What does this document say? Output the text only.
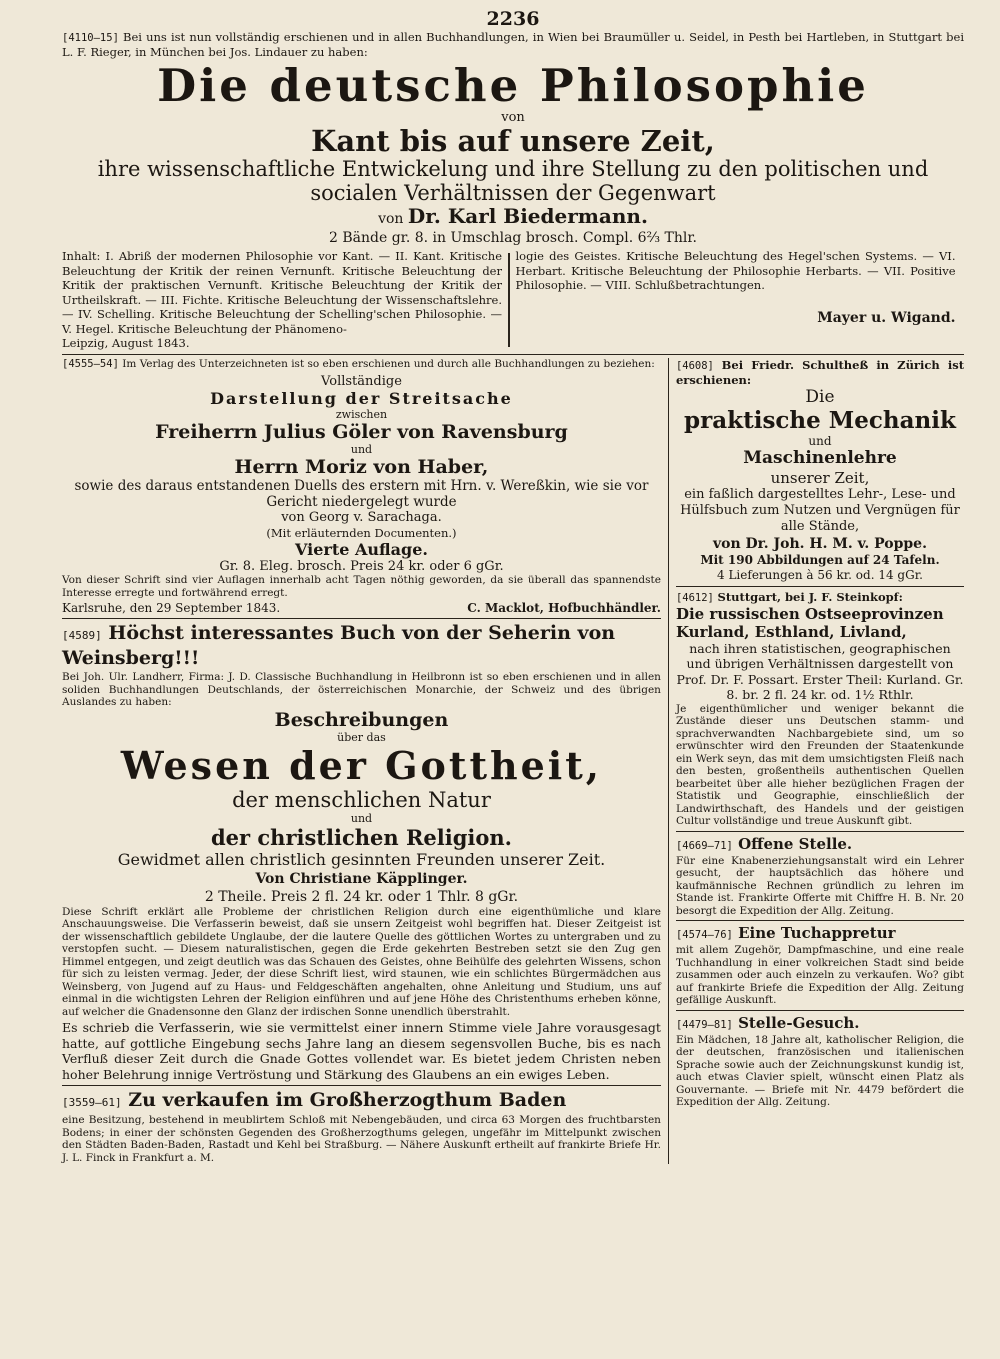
2236

[4110—15] Bei uns ist nun vollständig erschienen und in allen Buchhandlungen, in Wien bei Braumüller u. Seidel, in Pesth bei Hartleben, in Stuttgart bei L. F. Rieger, in München bei Jos. Lindauer zu haben:

Die deutsche Philosophie

von

Kant bis auf unsere Zeit,

ihre wissenschaftliche Entwickelung und ihre Stellung zu den politischen und socialen Verhältnissen der Gegenwart

von Dr. Karl Biedermann.

2 Bände gr. 8. in Umschlag brosch. Compl. 6⅔ Thlr.

Inhalt: I. Abriß der modernen Philosophie vor Kant. — II. Kant. Kritische Beleuchtung der Kritik der reinen Vernunft. Kritische Beleuchtung der Kritik der praktischen Vernunft. Kritische Beleuchtung der Kritik der Urtheilskraft. — III. Fichte. Kritische Beleuchtung der Wissenschaftslehre. — IV. Schelling. Kritische Beleuchtung der Schelling'schen Philosophie. — V. Hegel. Kritische Beleuchtung der Phänomeno-

Leipzig, August 1843.

logie des Geistes. Kritische Beleuchtung des Hegel'schen Systems. — VI. Herbart. Kritische Beleuchtung der Philosophie Herbarts. — VII. Positive Philosophie. — VIII. Schlußbetrachtungen.

Mayer u. Wigand.

[4555—54] Im Verlag des Unterzeichneten ist so eben erschienen und durch alle Buchhandlungen zu beziehen:

Vollständige

Darstellung der Streitsache

zwischen

Freiherrn Julius Göler von Ravensburg

und

Herrn Moriz von Haber,

sowie des daraus entstandenen Duells des erstern mit Hrn. v. Wereßkin, wie sie vor Gericht niedergelegt wurde

von Georg v. Sarachaga.

(Mit erläuternden Documenten.)

Vierte Auflage.

Gr. 8. Eleg. brosch. Preis 24 kr. oder 6 gGr.

Von dieser Schrift sind vier Auflagen innerhalb acht Tagen nöthig geworden, da sie überall das spannendste Interesse erregte und fortwährend erregt.

Karlsruhe, den 29 September 1843.	C. Macklot, Hofbuchhändler.

[4589] Höchst interessantes Buch von der Seherin von Weinsberg!!!

Bei Joh. Ulr. Landherr, Firma: J. D. Classische Buchhandlung in Heilbronn ist so eben erschienen und in allen soliden Buchhandlungen Deutschlands, der österreichischen Monarchie, der Schweiz und des übrigen Auslandes zu haben:

Beschreibungen

über das

Wesen der Gottheit,

der menschlichen Natur

und

der christlichen Religion.

Gewidmet allen christlich gesinnten Freunden unserer Zeit.

Von Christiane Käpplinger.

2 Theile. Preis 2 fl. 24 kr. oder 1 Thlr. 8 gGr.

Diese Schrift erklärt alle Probleme der christlichen Religion durch eine eigenthümliche und klare Anschauungsweise. Die Verfasserin beweist, daß sie unsern Zeitgeist wohl begriffen hat. Dieser Zeitgeist ist der wissenschaftlich gebildete Unglaube, der die lautere Quelle des göttlichen Wortes zu untergraben und zu verstopfen sucht. — Diesem naturalistischen, gegen die Erde gekehrten Bestreben setzt sie den Zug gen Himmel entgegen, und zeigt deutlich was das Schauen des Geistes, ohne Beihülfe des gelehrten Wissens, schon für sich zu leisten vermag. Jeder, der diese Schrift liest, wird staunen, wie ein schlichtes Bürgermädchen aus Weinsberg, von Jugend auf zu Haus- und Feldgeschäften angehalten, ohne Anleitung und Studium, uns auf einmal in die wichtigsten Lehren der Religion einführen und auf jene Höhe des Christenthums erheben könne, auf welcher die Gnadensonne den Glanz der irdischen Sonne unendlich überstrahlt.

Es schrieb die Verfasserin, wie sie vermittelst einer innern Stimme viele Jahre vorausgesagt hatte, auf gottliche Eingebung sechs Jahre lang an diesem segensvollen Buche, bis es nach Verfluß dieser Zeit durch die Gnade Gottes vollendet war. Es bietet jedem Christen neben hoher Belehrung innige Vertröstung und Stärkung des Glaubens an ein ewiges Leben.

[3559—61] Zu verkaufen im Großherzogthum Baden

eine Besitzung, bestehend in meublirtem Schloß mit Nebengebäuden, und circa 63 Morgen des fruchtbarsten Bodens; in einer der schönsten Gegenden des Großherzogthums gelegen, ungefähr im Mittelpunkt zwischen den Städten Baden-Baden, Rastadt und Kehl bei Straßburg. — Nähere Auskunft ertheilt auf frankirte Briefe Hr. J. L. Finck in Frankfurt a. M.

[4608] Bei Friedr. Schultheß in Zürich ist erschienen:

Die

praktische Mechanik

und

Maschinenlehre

unserer Zeit,

ein faßlich dargestelltes Lehr-, Lese- und Hülfsbuch zum Nutzen und Vergnügen für alle Stände,

von Dr. Joh. H. M. v. Poppe.

Mit 190 Abbildungen auf 24 Tafeln.

4 Lieferungen à 56 kr. od. 14 gGr.

[4612] Stuttgart, bei J. F. Steinkopf:

Die russischen Ostseeprovinzen Kurland, Esthland, Livland,

nach ihren statistischen, geographischen und übrigen Verhältnissen dargestellt von Prof. Dr. F. Possart. Erster Theil: Kurland. Gr. 8. br. 2 fl. 24 kr. od. 1½ Rthlr.

Je eigenthümlicher und weniger bekannt die Zustände dieser uns Deutschen stamm- und sprachverwandten Nachbargebiete sind, um so erwünschter wird den Freunden der Staatenkunde ein Werk seyn, das mit dem umsichtigsten Fleiß nach den besten, großentheils authentischen Quellen bearbeitet über alle hieher bezüglichen Fragen der Statistik und Geographie, einschließlich der Landwirthschaft, des Handels und der geistigen Cultur vollständige und treue Auskunft gibt.

[4669—71] Offene Stelle.

Für eine Knabenerziehungsanstalt wird ein Lehrer gesucht, der hauptsächlich das höhere und kaufmännische Rechnen gründlich zu lehren im Stande ist. Frankirte Offerte mit Chiffre H. B. Nr. 20 besorgt die Expedition der Allg. Zeitung.

[4574—76] Eine Tuchappretur

mit allem Zugehör, Dampfmaschine, und eine reale Tuchhandlung in einer volkreichen Stadt sind beide zusammen oder auch einzeln zu verkaufen. Wo? gibt auf frankirte Briefe die Expedition der Allg. Zeitung gefällige Auskunft.

[4479—81] Stelle-Gesuch.

Ein Mädchen, 18 Jahre alt, katholischer Religion, die der deutschen, französischen und italienischen Sprache sowie auch der Zeichnungskunst kundig ist, auch etwas Clavier spielt, wünscht einen Platz als Gouvernante. — Briefe mit Nr. 4479 befördert die Expedition der Allg. Zeitung.
